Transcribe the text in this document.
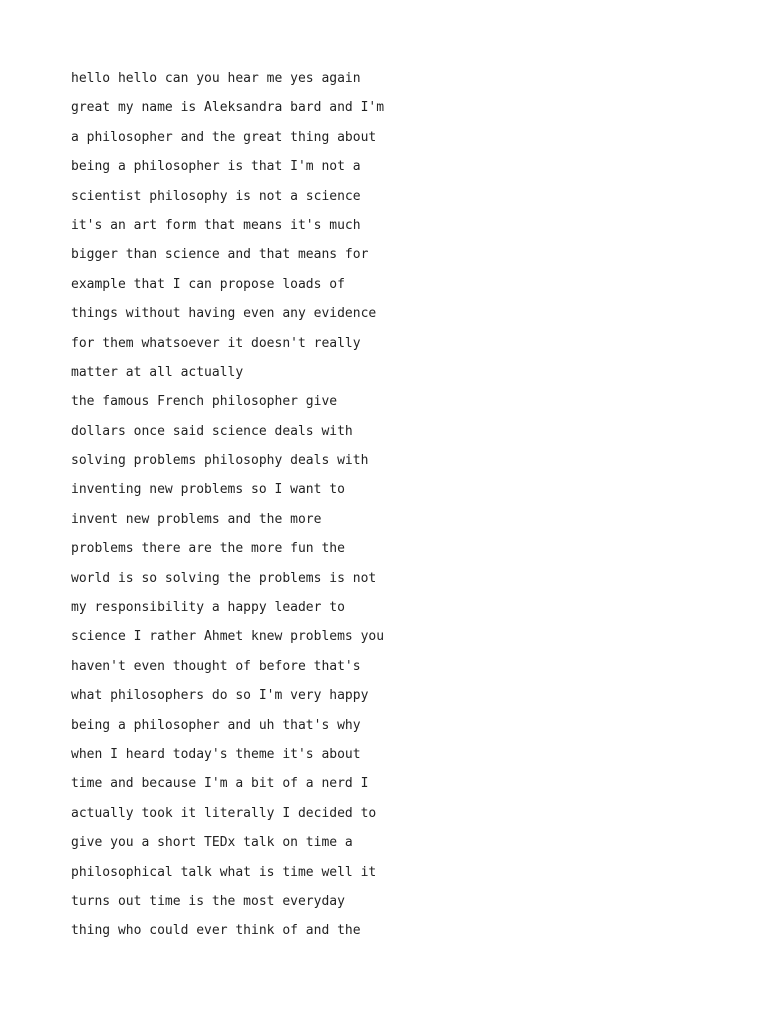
hello hello can you hear me yes again
great my name is Aleksandra bard and I'm
a philosopher and the great thing about
being a philosopher is that I'm not a
scientist philosophy is not a science
it's an art form that means it's much
bigger than science and that means for
example that I can propose loads of
things without having even any evidence
for them whatsoever it doesn't really
matter at all actually
the famous French philosopher give
dollars once said science deals with
solving problems philosophy deals with
inventing new problems so I want to
invent new problems and the more
problems there are the more fun the
world is so solving the problems is not
my responsibility a happy leader to
science I rather Ahmet knew problems you
haven't even thought of before that's
what philosophers do so I'm very happy
being a philosopher and uh that's why
when I heard today's theme it's about
time and because I'm a bit of a nerd I
actually took it literally I decided to
give you a short TEDx talk on time a
philosophical talk what is time well it
turns out time is the most everyday
thing who could ever think of and the
